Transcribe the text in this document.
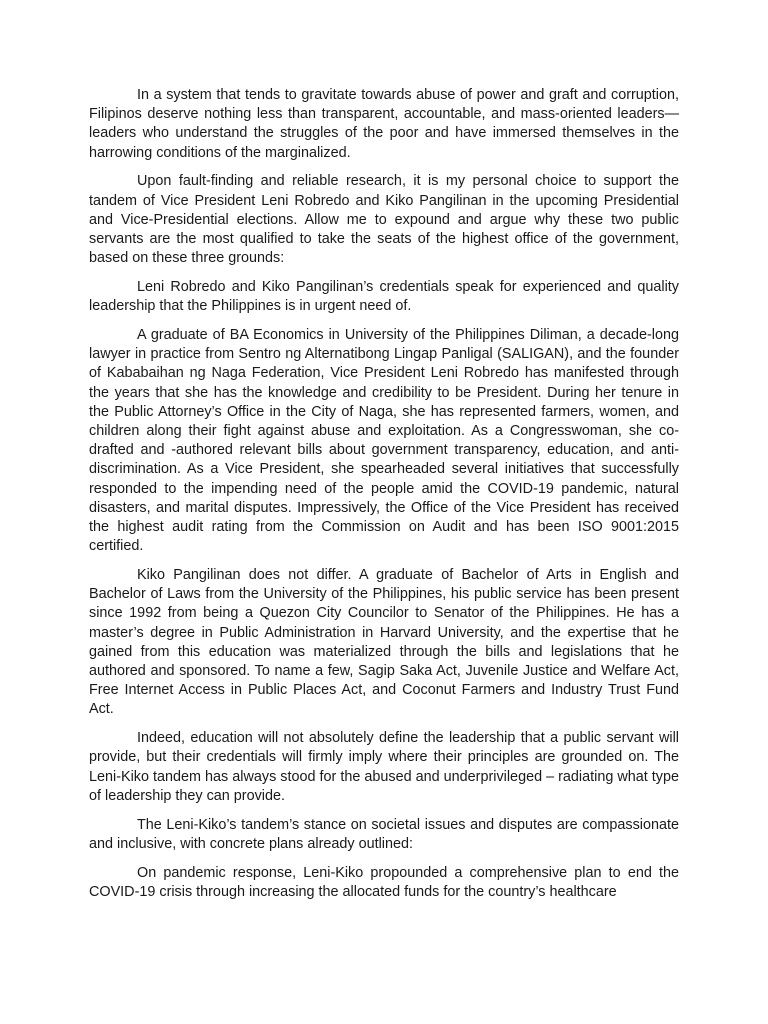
In a system that tends to gravitate towards abuse of power and graft and corruption, Filipinos deserve nothing less than transparent, accountable, and mass-oriented leaders—leaders who understand the struggles of the poor and have immersed themselves in the harrowing conditions of the marginalized.

Upon fault-finding and reliable research, it is my personal choice to support the tandem of Vice President Leni Robredo and Kiko Pangilinan in the upcoming Presidential and Vice-Presidential elections. Allow me to expound and argue why these two public servants are the most qualified to take the seats of the highest office of the government, based on these three grounds:

Leni Robredo and Kiko Pangilinan’s credentials speak for experienced and quality leadership that the Philippines is in urgent need of.

A graduate of BA Economics in University of the Philippines Diliman, a decade-long lawyer in practice from Sentro ng Alternatibong Lingap Panligal (SALIGAN), and the founder of Kababaihan ng Naga Federation, Vice President Leni Robredo has manifested through the years that she has the knowledge and credibility to be President. During her tenure in the Public Attorney’s Office in the City of Naga, she has represented farmers, women, and children along their fight against abuse and exploitation. As a Congresswoman, she co-drafted and -authored relevant bills about government transparency, education, and anti-discrimination. As a Vice President, she spearheaded several initiatives that successfully responded to the impending need of the people amid the COVID-19 pandemic, natural disasters, and marital disputes. Impressively, the Office of the Vice President has received the highest audit rating from the Commission on Audit and has been ISO 9001:2015 certified.

Kiko Pangilinan does not differ. A graduate of Bachelor of Arts in English and Bachelor of Laws from the University of the Philippines, his public service has been present since 1992 from being a Quezon City Councilor to Senator of the Philippines. He has a master’s degree in Public Administration in Harvard University, and the expertise that he gained from this education was materialized through the bills and legislations that he authored and sponsored. To name a few, Sagip Saka Act, Juvenile Justice and Welfare Act, Free Internet Access in Public Places Act, and Coconut Farmers and Industry Trust Fund Act.

Indeed, education will not absolutely define the leadership that a public servant will provide, but their credentials will firmly imply where their principles are grounded on. The Leni-Kiko tandem has always stood for the abused and underprivileged – radiating what type of leadership they can provide.

The Leni-Kiko’s tandem’s stance on societal issues and disputes are compassionate and inclusive, with concrete plans already outlined:

On pandemic response, Leni-Kiko propounded a comprehensive plan to end the COVID-19 crisis through increasing the allocated funds for the country’s healthcare
